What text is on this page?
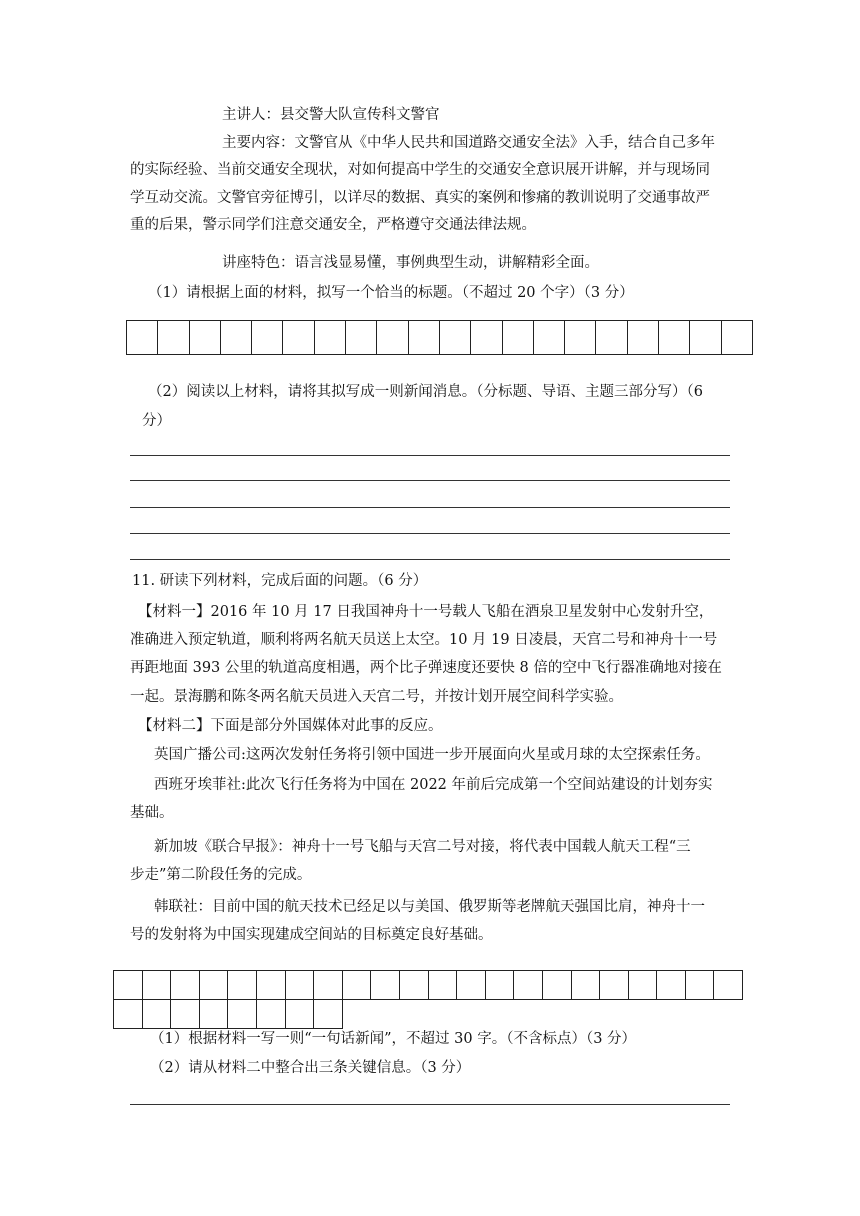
主讲人：县交警大队宣传科文警官
主要内容：文警官从《中华人民共和国道路交通安全法》入手，结合自己多年
的实际经验、当前交通安全现状，对如何提高中学生的交通安全意识展开讲解，并与现场同
学互动交流。文警官旁征博引，以详尽的数据、真实的案例和惨痛的教训说明了交通事故严
重的后果，警示同学们注意交通安全，严格遵守交通法律法规。
讲座特色：语言浅显易懂，事例典型生动，讲解精彩全面。
（1）请根据上面的材料，拟写一个恰当的标题。（不超过 20 个字）（3 分）
（2）阅读以上材料，请将其拟写成一则新闻消息。（分标题、导语、主题三部分写）（6
分）
11. 研读下列材料，完成后面的问题。（6 分）
【材料一】2016 年 10 月 17 日我国神舟十一号载人飞船在酒泉卫星发射中心发射升空，
准确进入预定轨道，顺利将两名航天员送上太空。10 月 19 日凌晨，天宫二号和神舟十一号
再距地面 393 公里的轨道高度相遇，两个比子弹速度还要快 8 倍的空中飞行器准确地对接在
一起。景海鹏和陈冬两名航天员进入天宫二号，并按计划开展空间科学实验。
【材料二】下面是部分外国媒体对此事的反应。
英国广播公司:这两次发射任务将引领中国进一步开展面向火星或月球的太空探索任务。
西班牙埃菲社:此次飞行任务将为中国在 2022 年前后完成第一个空间站建设的计划夯实
基础。
新加坡《联合早报》：神舟十一号飞船与天宫二号对接，将代表中国载人航天工程“三
步走”第二阶段任务的完成。
韩联社：目前中国的航天技术已经足以与美国、俄罗斯等老牌航天强国比肩，神舟十一
号的发射将为中国实现建成空间站的目标奠定良好基础。
（1）根据材料一写一则“一句话新闻”，不超过 30 字。（不含标点）（3 分）
（2）请从材料二中整合出三条关键信息。（3 分）
